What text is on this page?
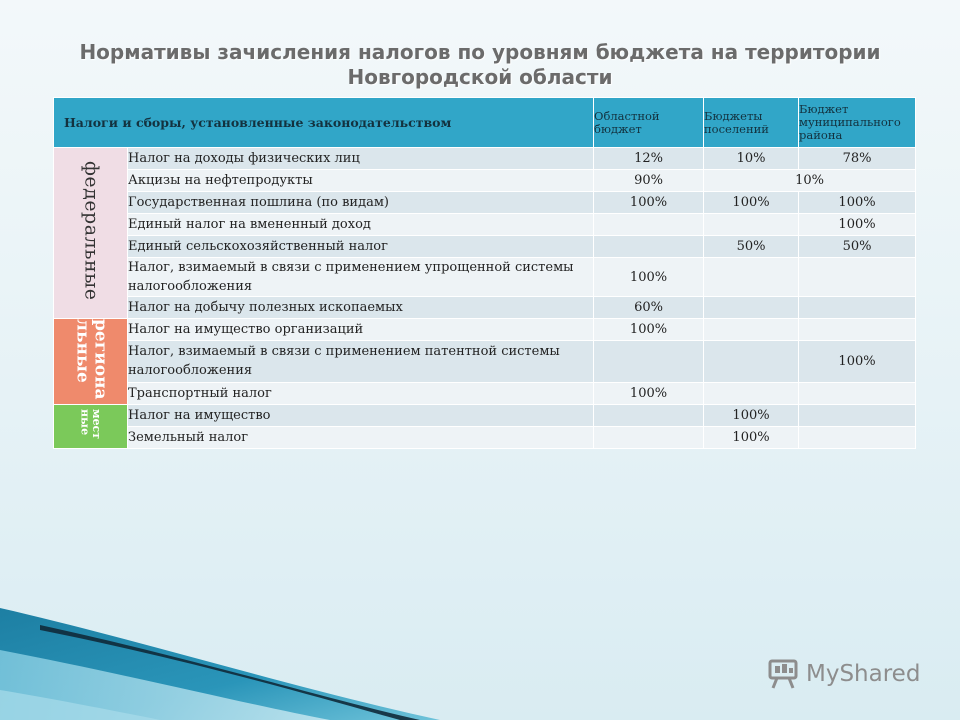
Нормативы зачисления налогов по уровням бюджета на территории
Новгородской области
Налоги и сборы, установленные законодательством		Областной бюджет	Бюджеты поселений	Бюджет муниципального района
федеральные	Налог на доходы физических лиц	12%	10%	78%
	Акцизы на нефтепродукты	90%	10%	
	Государственная пошлина (по видам)	100%	100%	100%
	Единый налог на вмененный доход			100%
	Единый сельскохозяйственный налог		50%	50%
	Налог, взимаемый в связи с применением упрощенной системы налогообложения	100%		
	Налог на добычу полезных ископаемых	60%		
региона
льные	Налог на имущество организаций	100%		
	Налог, взимаемый в связи с применением патентной системы налогообложения			100%
	Транспортный налог	100%		
мест
ные	Налог на имущество		100%	
	Земельный налог		100%	
MyShared
